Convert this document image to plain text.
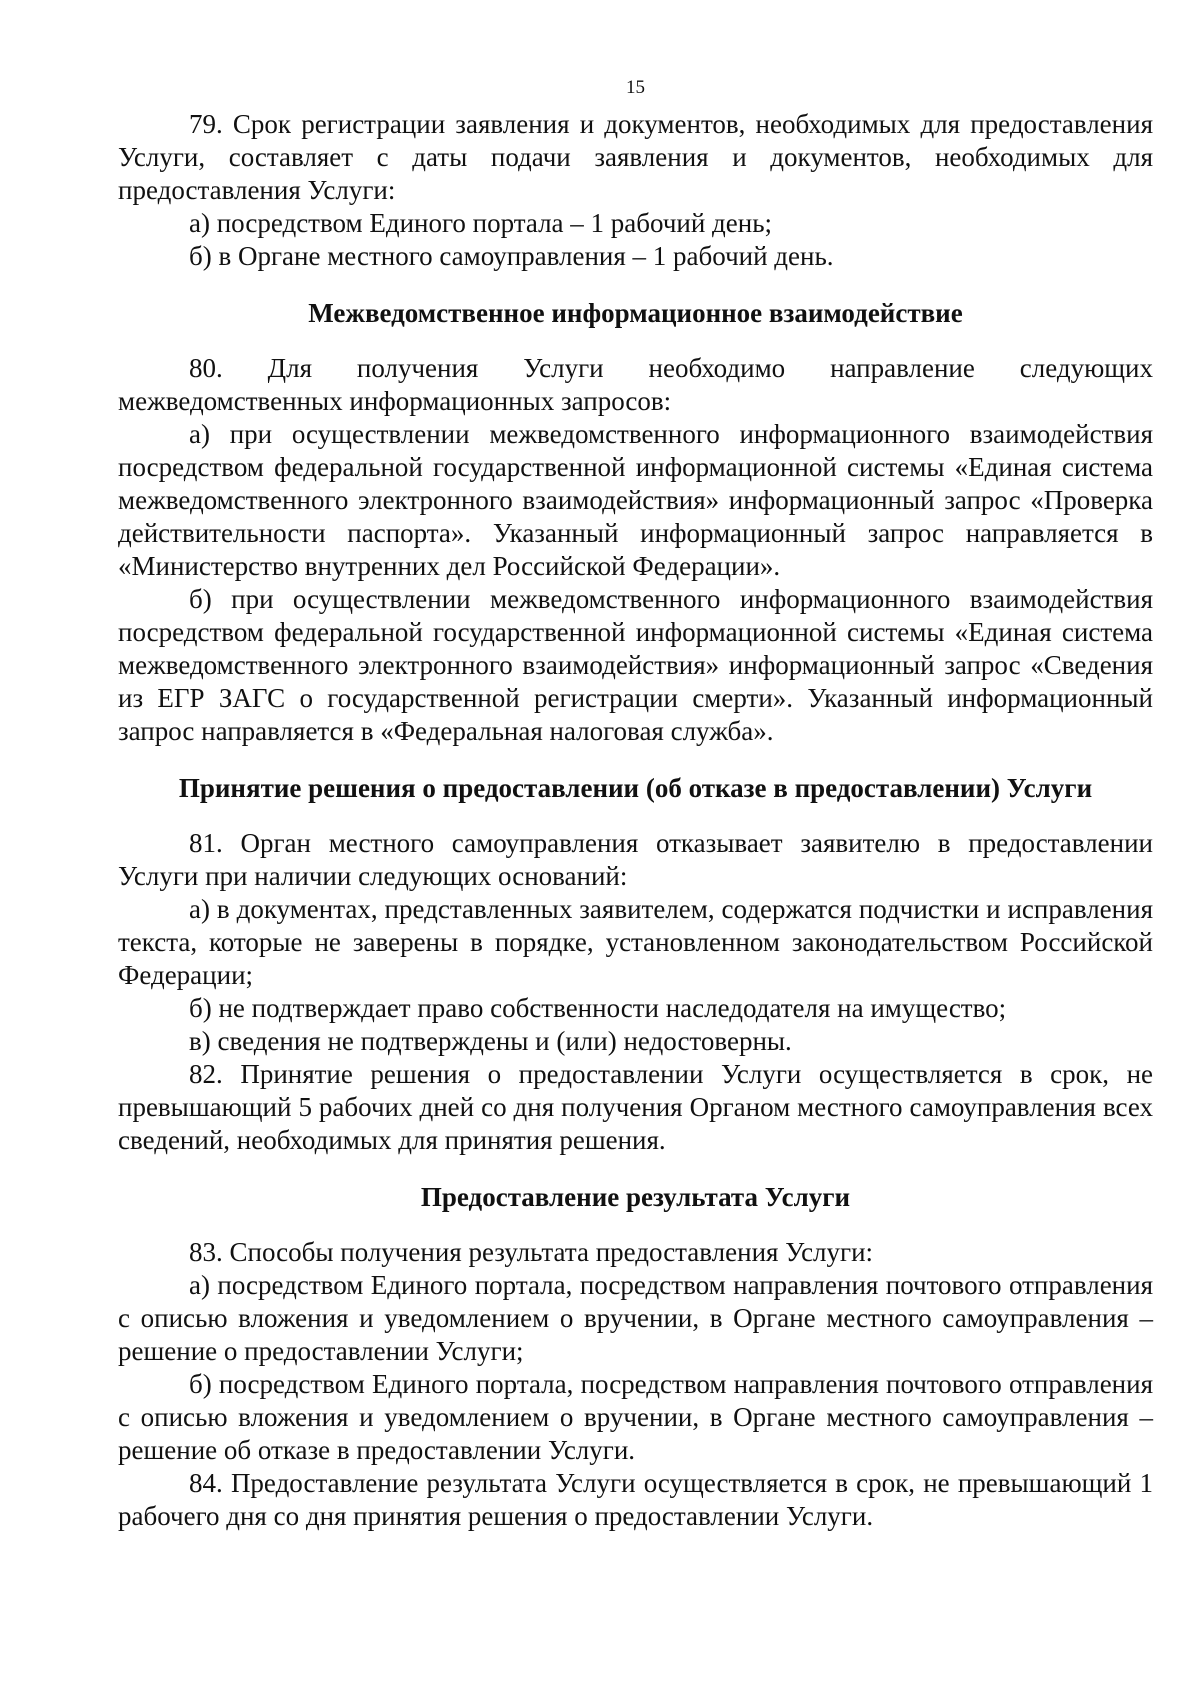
15

79. Срок регистрации заявления и документов, необходимых для предоставления Услуги, составляет с даты подачи заявления и документов, необходимых для предоставления Услуги:

а) посредством Единого портала – 1 рабочий день;

б) в Органе местного самоуправления – 1 рабочий день.

Межведомственное информационное взаимодействие

80. Для получения Услуги необходимо направление следующих межведомственных информационных запросов:

а) при осуществлении межведомственного информационного взаимодействия посредством федеральной государственной информационной системы «Единая система межведомственного электронного взаимодействия» информационный запрос «Проверка действительности паспорта». Указанный информационный запрос направляется в «Министерство внутренних дел Российской Федерации».

б) при осуществлении межведомственного информационного взаимодействия посредством федеральной государственной информационной системы «Единая система межведомственного электронного взаимодействия» информационный запрос «Сведения из ЕГР ЗАГС о государственной регистрации смерти». Указанный информационный запрос направляется в «Федеральная налоговая служба».

Принятие решения о предоставлении (об отказе в предоставлении) Услуги

81. Орган местного самоуправления отказывает заявителю в предоставлении Услуги при наличии следующих оснований:

а) в документах, представленных заявителем, содержатся подчистки и исправления текста, которые не заверены в порядке, установленном законодательством Российской Федерации;

б) не подтверждает право собственности наследодателя на имущество;

в) сведения не подтверждены и (или) недостоверны.

82. Принятие решения о предоставлении Услуги осуществляется в срок, не превышающий 5 рабочих дней со дня получения Органом местного самоуправления всех сведений, необходимых для принятия решения.

Предоставление результата Услуги

83. Способы получения результата предоставления Услуги:

а) посредством Единого портала, посредством направления почтового отправления с описью вложения и уведомлением о вручении, в Органе местного самоуправления – решение о предоставлении Услуги;

б) посредством Единого портала, посредством направления почтового отправления с описью вложения и уведомлением о вручении, в Органе местного самоуправления – решение об отказе в предоставлении Услуги.

84. Предоставление результата Услуги осуществляется в срок, не превышающий 1 рабочего дня со дня принятия решения о предоставлении Услуги.
